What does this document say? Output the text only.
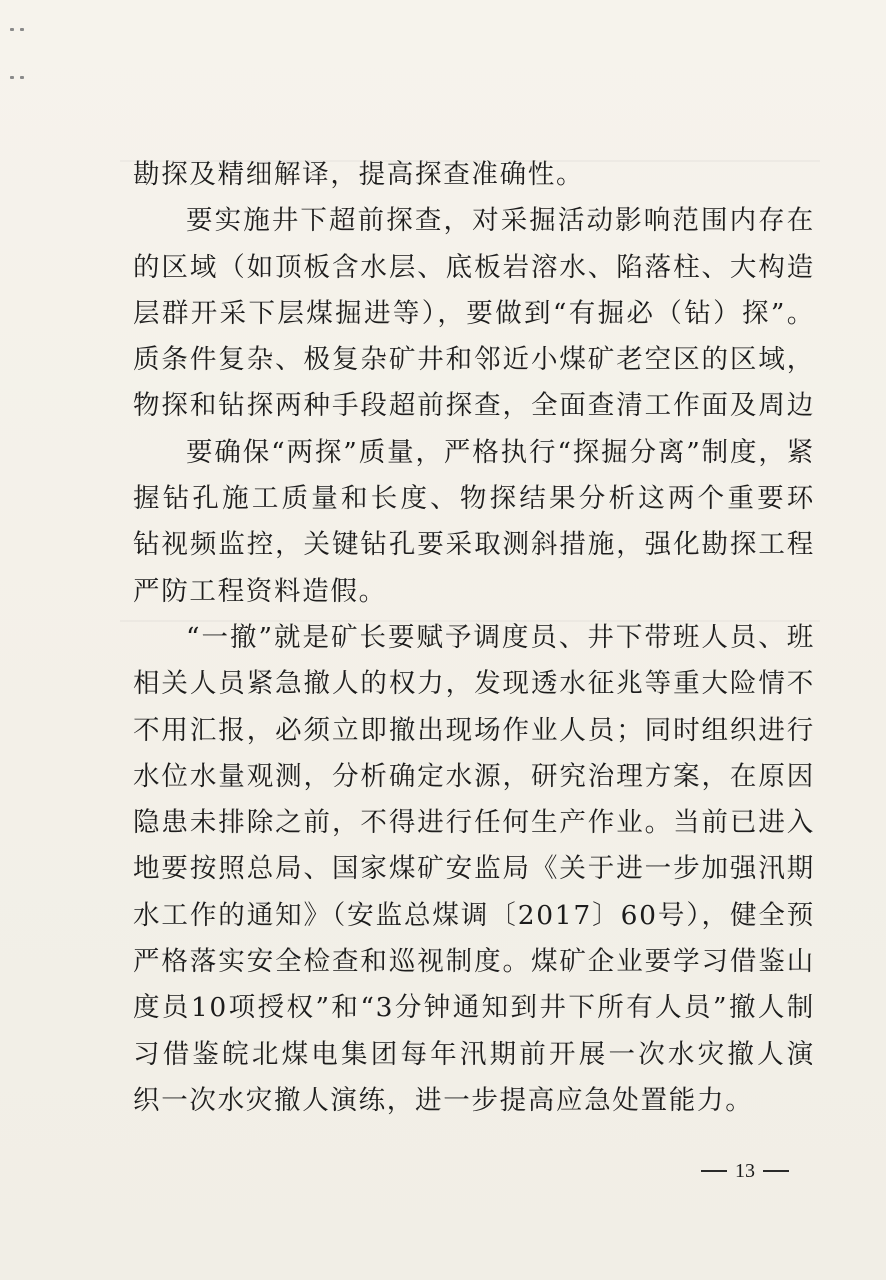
勘探及精细解译，提高探查准确性。
要实施井下超前探查，对采掘活动影响范围内存在
的区域（如顶板含水层、底板岩溶水、陷落柱、大构造
层群开采下层煤掘进等），要做到“有掘必（钻）探”。
质条件复杂、极复杂矿井和邻近小煤矿老空区的区域，
物探和钻探两种手段超前探查，全面查清工作面及周边
要确保“两探”质量，严格执行“探掘分离”制度，紧
握钻孔施工质量和长度、物探结果分析这两个重要环
钻视频监控，关键钻孔要采取测斜措施，强化勘探工程
严防工程资料造假。
“一撤”就是矿长要赋予调度员、井下带班人员、班
相关人员紧急撤人的权力，发现透水征兆等重大险情不
不用汇报，必须立即撤出现场作业人员；同时组织进行
水位水量观测，分析确定水源，研究治理方案，在原因
隐患未排除之前，不得进行任何生产作业。当前已进入
地要按照总局、国家煤矿安监局《关于进一步加强汛期
水工作的通知》（安监总煤调〔2017〕60号），健全预
严格落实安全检查和巡视制度。煤矿企业要学习借鉴山
度员10项授权”和“3分钟通知到井下所有人员”撤人制
习借鉴皖北煤电集团每年汛期前开展一次水灾撤人演
织一次水灾撤人演练，进一步提高应急处置能力。
13
